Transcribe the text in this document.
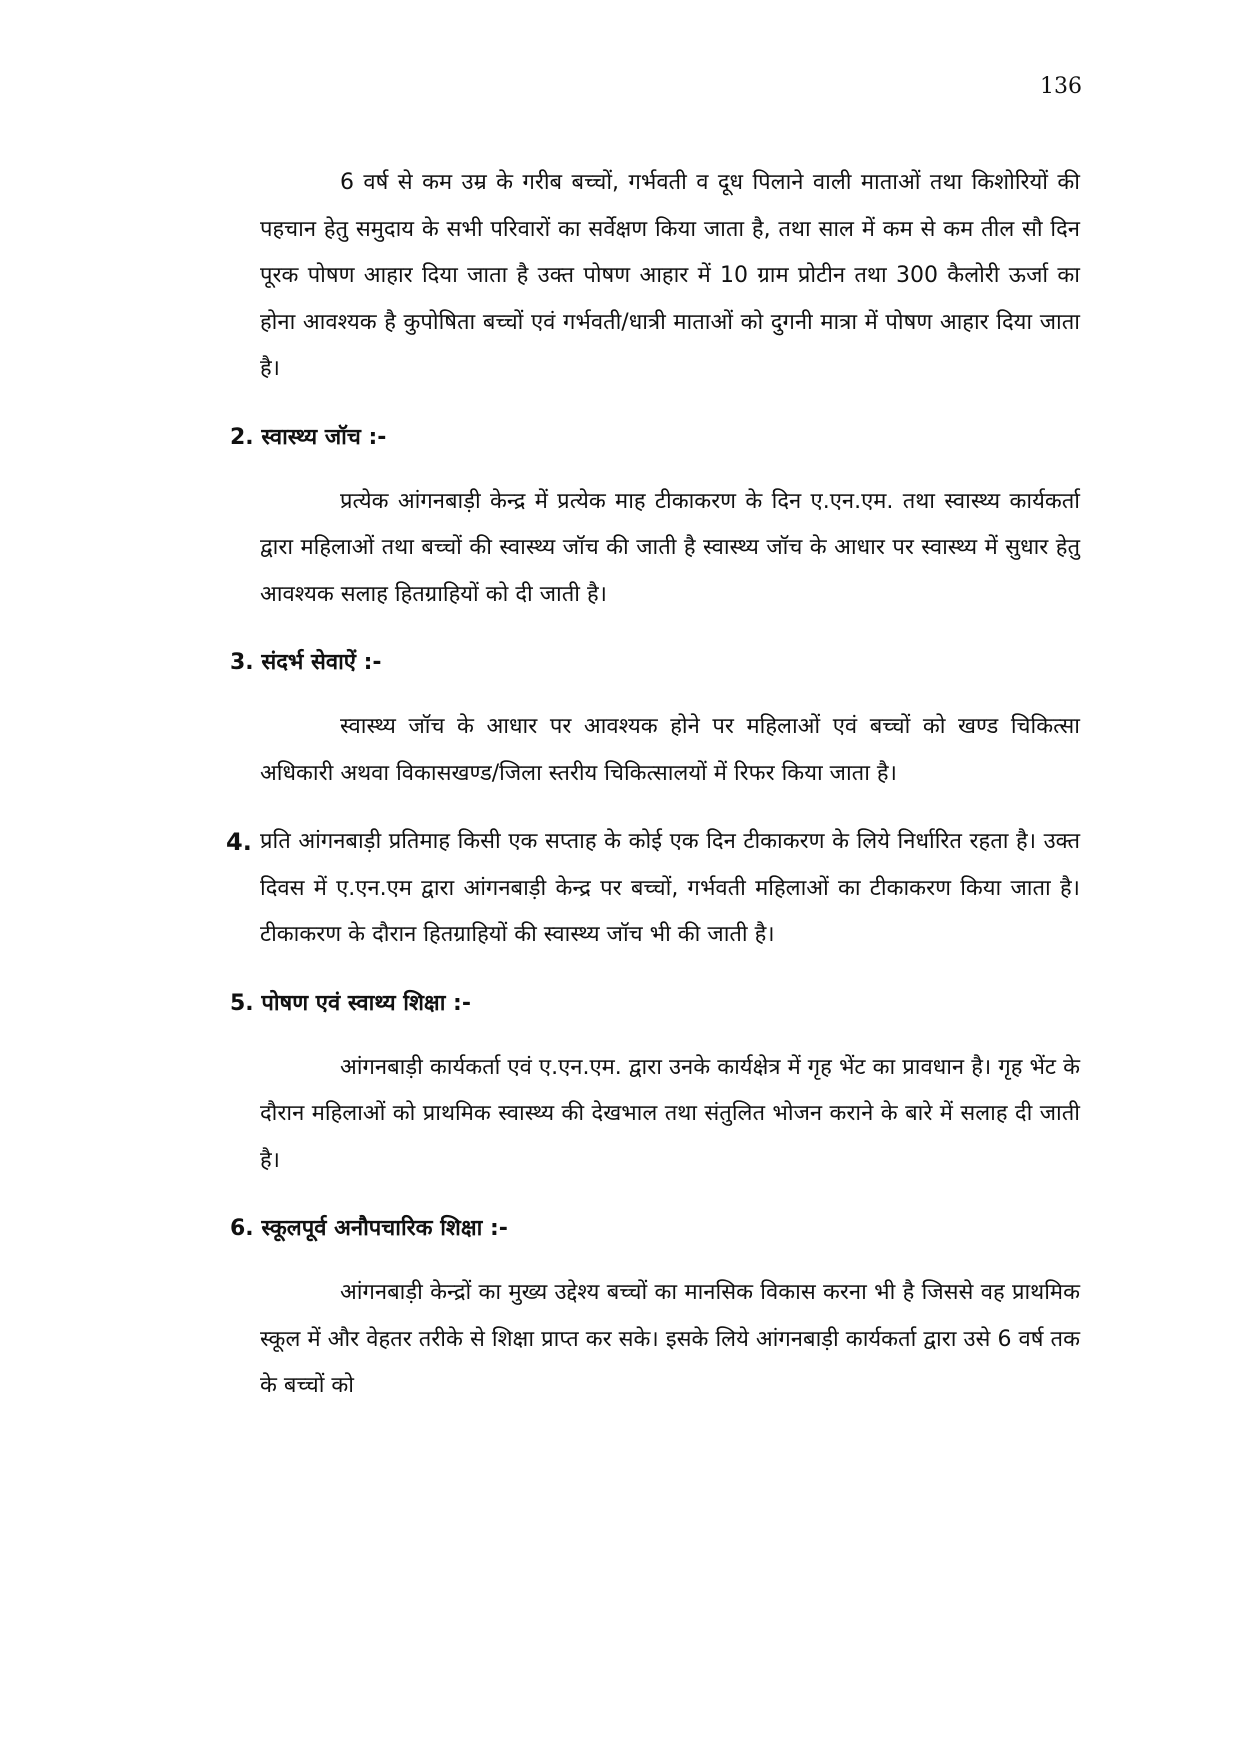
136

6 वर्ष से कम उम्र के गरीब बच्चों, गर्भवती व दूध पिलाने वाली माताओं तथा किशोरियों की पहचान हेतु समुदाय के सभी परिवारों का सर्वेक्षण किया जाता है, तथा साल में कम से कम तील सौ दिन पूरक पोषण आहार दिया जाता है उक्त पोषण आहार में 10 ग्राम प्रोटीन तथा 300 कैलोरी ऊर्जा का होना आवश्यक है कुपोषिता बच्चों एवं गर्भवती/धात्री माताओं को दुगनी मात्रा में पोषण आहार दिया जाता है।

2. स्वास्थ्य जॉच :-

प्रत्येक आंगनबाड़ी केन्द्र में प्रत्येक माह टीकाकरण के दिन ए.एन.एम. तथा स्वास्थ्य कार्यकर्ता द्वारा महिलाओं तथा बच्चों की स्वास्थ्य जॉच की जाती है स्वास्थ्य जॉच के आधार पर स्वास्थ्य में सुधार हेतु आवश्यक सलाह हितग्राहियों को दी जाती है।

3. संदर्भ सेवाऐं :-

स्वास्थ्य जॉच के आधार पर आवश्यक होने पर महिलाओं एवं बच्चों को खण्ड चिकित्सा अधिकारी अथवा विकासखण्ड/जिला स्तरीय चिकित्सालयों में रिफर किया जाता है।

4. प्रति आंगनबाड़ी प्रतिमाह किसी एक सप्ताह के कोई एक दिन टीकाकरण के लिये निर्धारित रहता है। उक्त दिवस में ए.एन.एम द्वारा आंगनबाड़ी केन्द्र पर बच्चों, गर्भवती महिलाओं का टीकाकरण किया जाता है। टीकाकरण के दौरान हितग्राहियों की स्वास्थ्य जॉच भी की जाती है।

5. पोषण एवं स्वाथ्य शिक्षा :-

आंगनबाड़ी कार्यकर्ता एवं ए.एन.एम. द्वारा उनके कार्यक्षेत्र में गृह भेंट का प्रावधान है। गृह भेंट के दौरान महिलाओं को प्राथमिक स्वास्थ्य की देखभाल तथा संतुलित भोजन कराने के बारे में सलाह दी जाती है।

6. स्कूलपूर्व अनौपचारिक शिक्षा :-

आंगनबाड़ी केन्द्रों का मुख्य उद्देश्य बच्चों का मानसिक विकास करना भी है जिससे वह प्राथमिक स्कूल में और वेहतर तरीके से शिक्षा प्राप्त कर सके। इसके लिये आंगनबाड़ी कार्यकर्ता द्वारा उसे 6 वर्ष तक के बच्चों को
